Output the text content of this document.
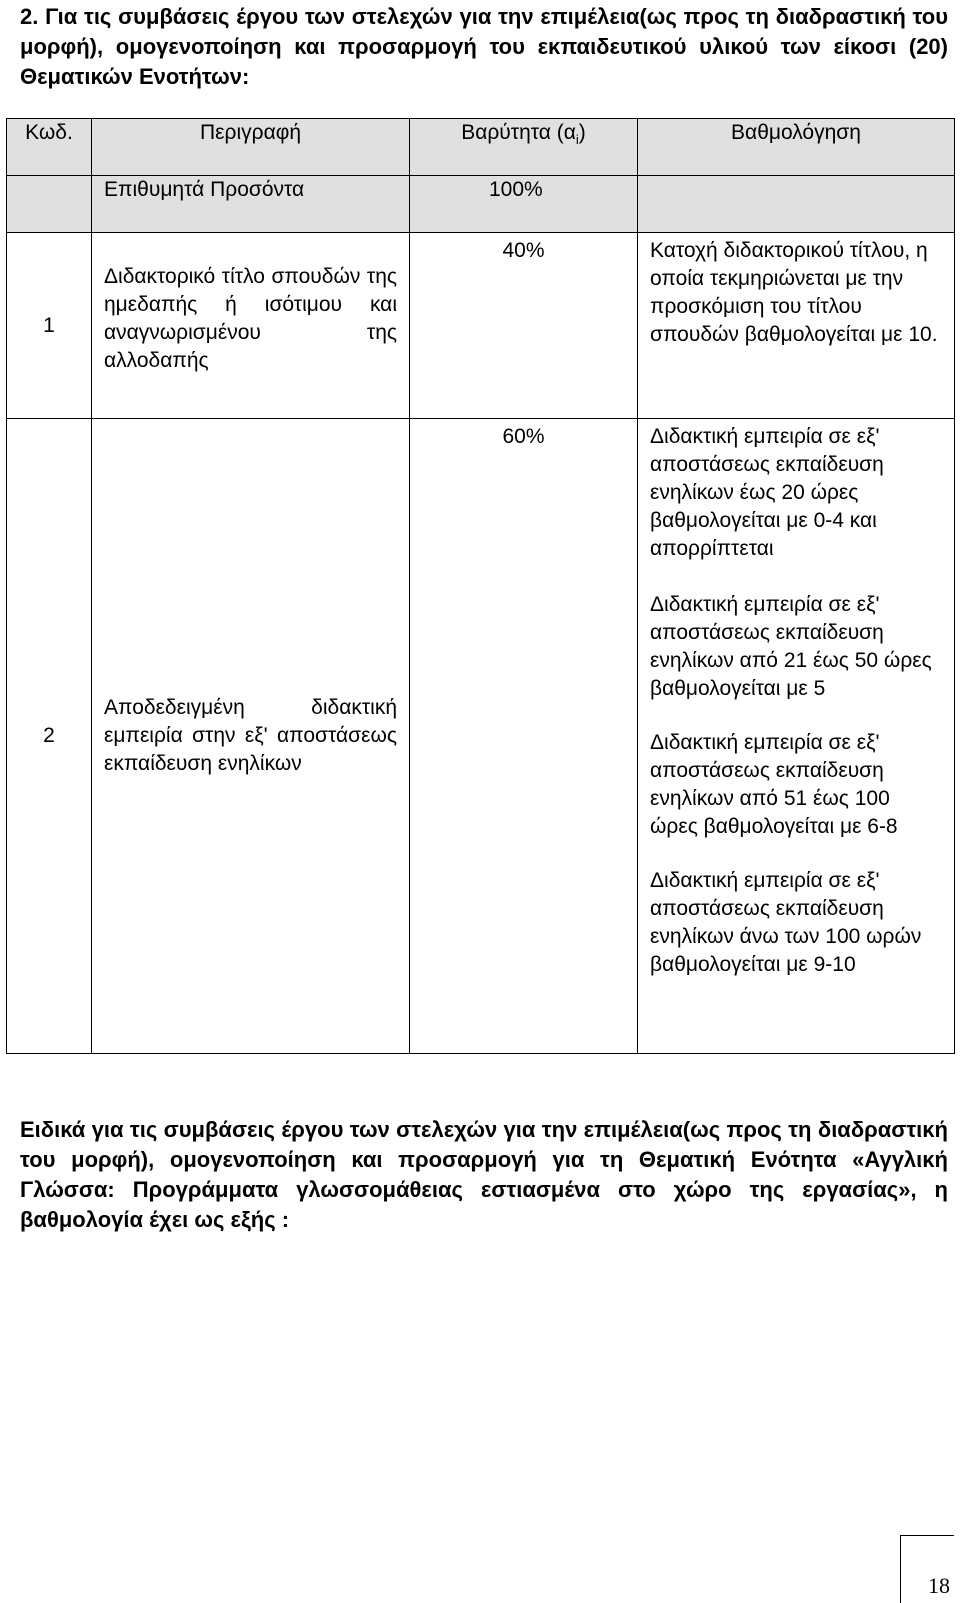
2. Για τις συμβάσεις έργου των στελεχών για την επιμέλεια(ως προς τη διαδραστική του μορφή), ομογενοποίηση και προσαρμογή του εκπαιδευτικού υλικού των είκοσι (20) Θεματικών Ενοτήτων:
Κωδ.	Περιγραφή	Βαρύτητα $(\alpha_i)$	Βαθμολόγηση
	Επιθυμητά Προσόντα	100%	
1	Διδακτορικό τίτλο σπουδών της ημεδαπής ή ισότιμου και αναγνωρισμένου της αλλοδαπής	40%	Κατοχή διδακτορικού τίτλου, η οποία τεκμηριώνεται με την προσκόμιση του τίτλου σπουδών βαθμολογείται με 10.

2	Αποδεδειγμένη διδακτική εμπειρία στην εξ' αποστάσεως εκπαίδευση ενηλίκων	60%	Διδακτική εμπειρία σε εξ' αποστάσεως εκπαίδευση ενηλίκων έως 20 ώρες βαθμολογείται με 0-4 και απορρίπτεται

Διδακτική εμπειρία σε εξ' αποστάσεως εκπαίδευση ενηλίκων από 21 έως 50 ώρες βαθμολογείται με 5

Διδακτική εμπειρία σε εξ' αποστάσεως εκπαίδευση ενηλίκων από 51 έως 100 ώρες βαθμολογείται με 6-8

Διδακτική εμπειρία σε εξ' αποστάσεως εκπαίδευση ενηλίκων άνω των 100 ωρών βαθμολογείται με 9-10

Ειδικά για τις συμβάσεις έργου των στελεχών για την επιμέλεια(ως προς τη διαδραστική του μορφή), ομογενοποίηση και προσαρμογή για τη Θεματική Ενότητα «Αγγλική Γλώσσα: Προγράμματα γλωσσομάθειας εστιασμένα στο χώρο της εργασίας», η βαθμολογία έχει ως εξής :
18
